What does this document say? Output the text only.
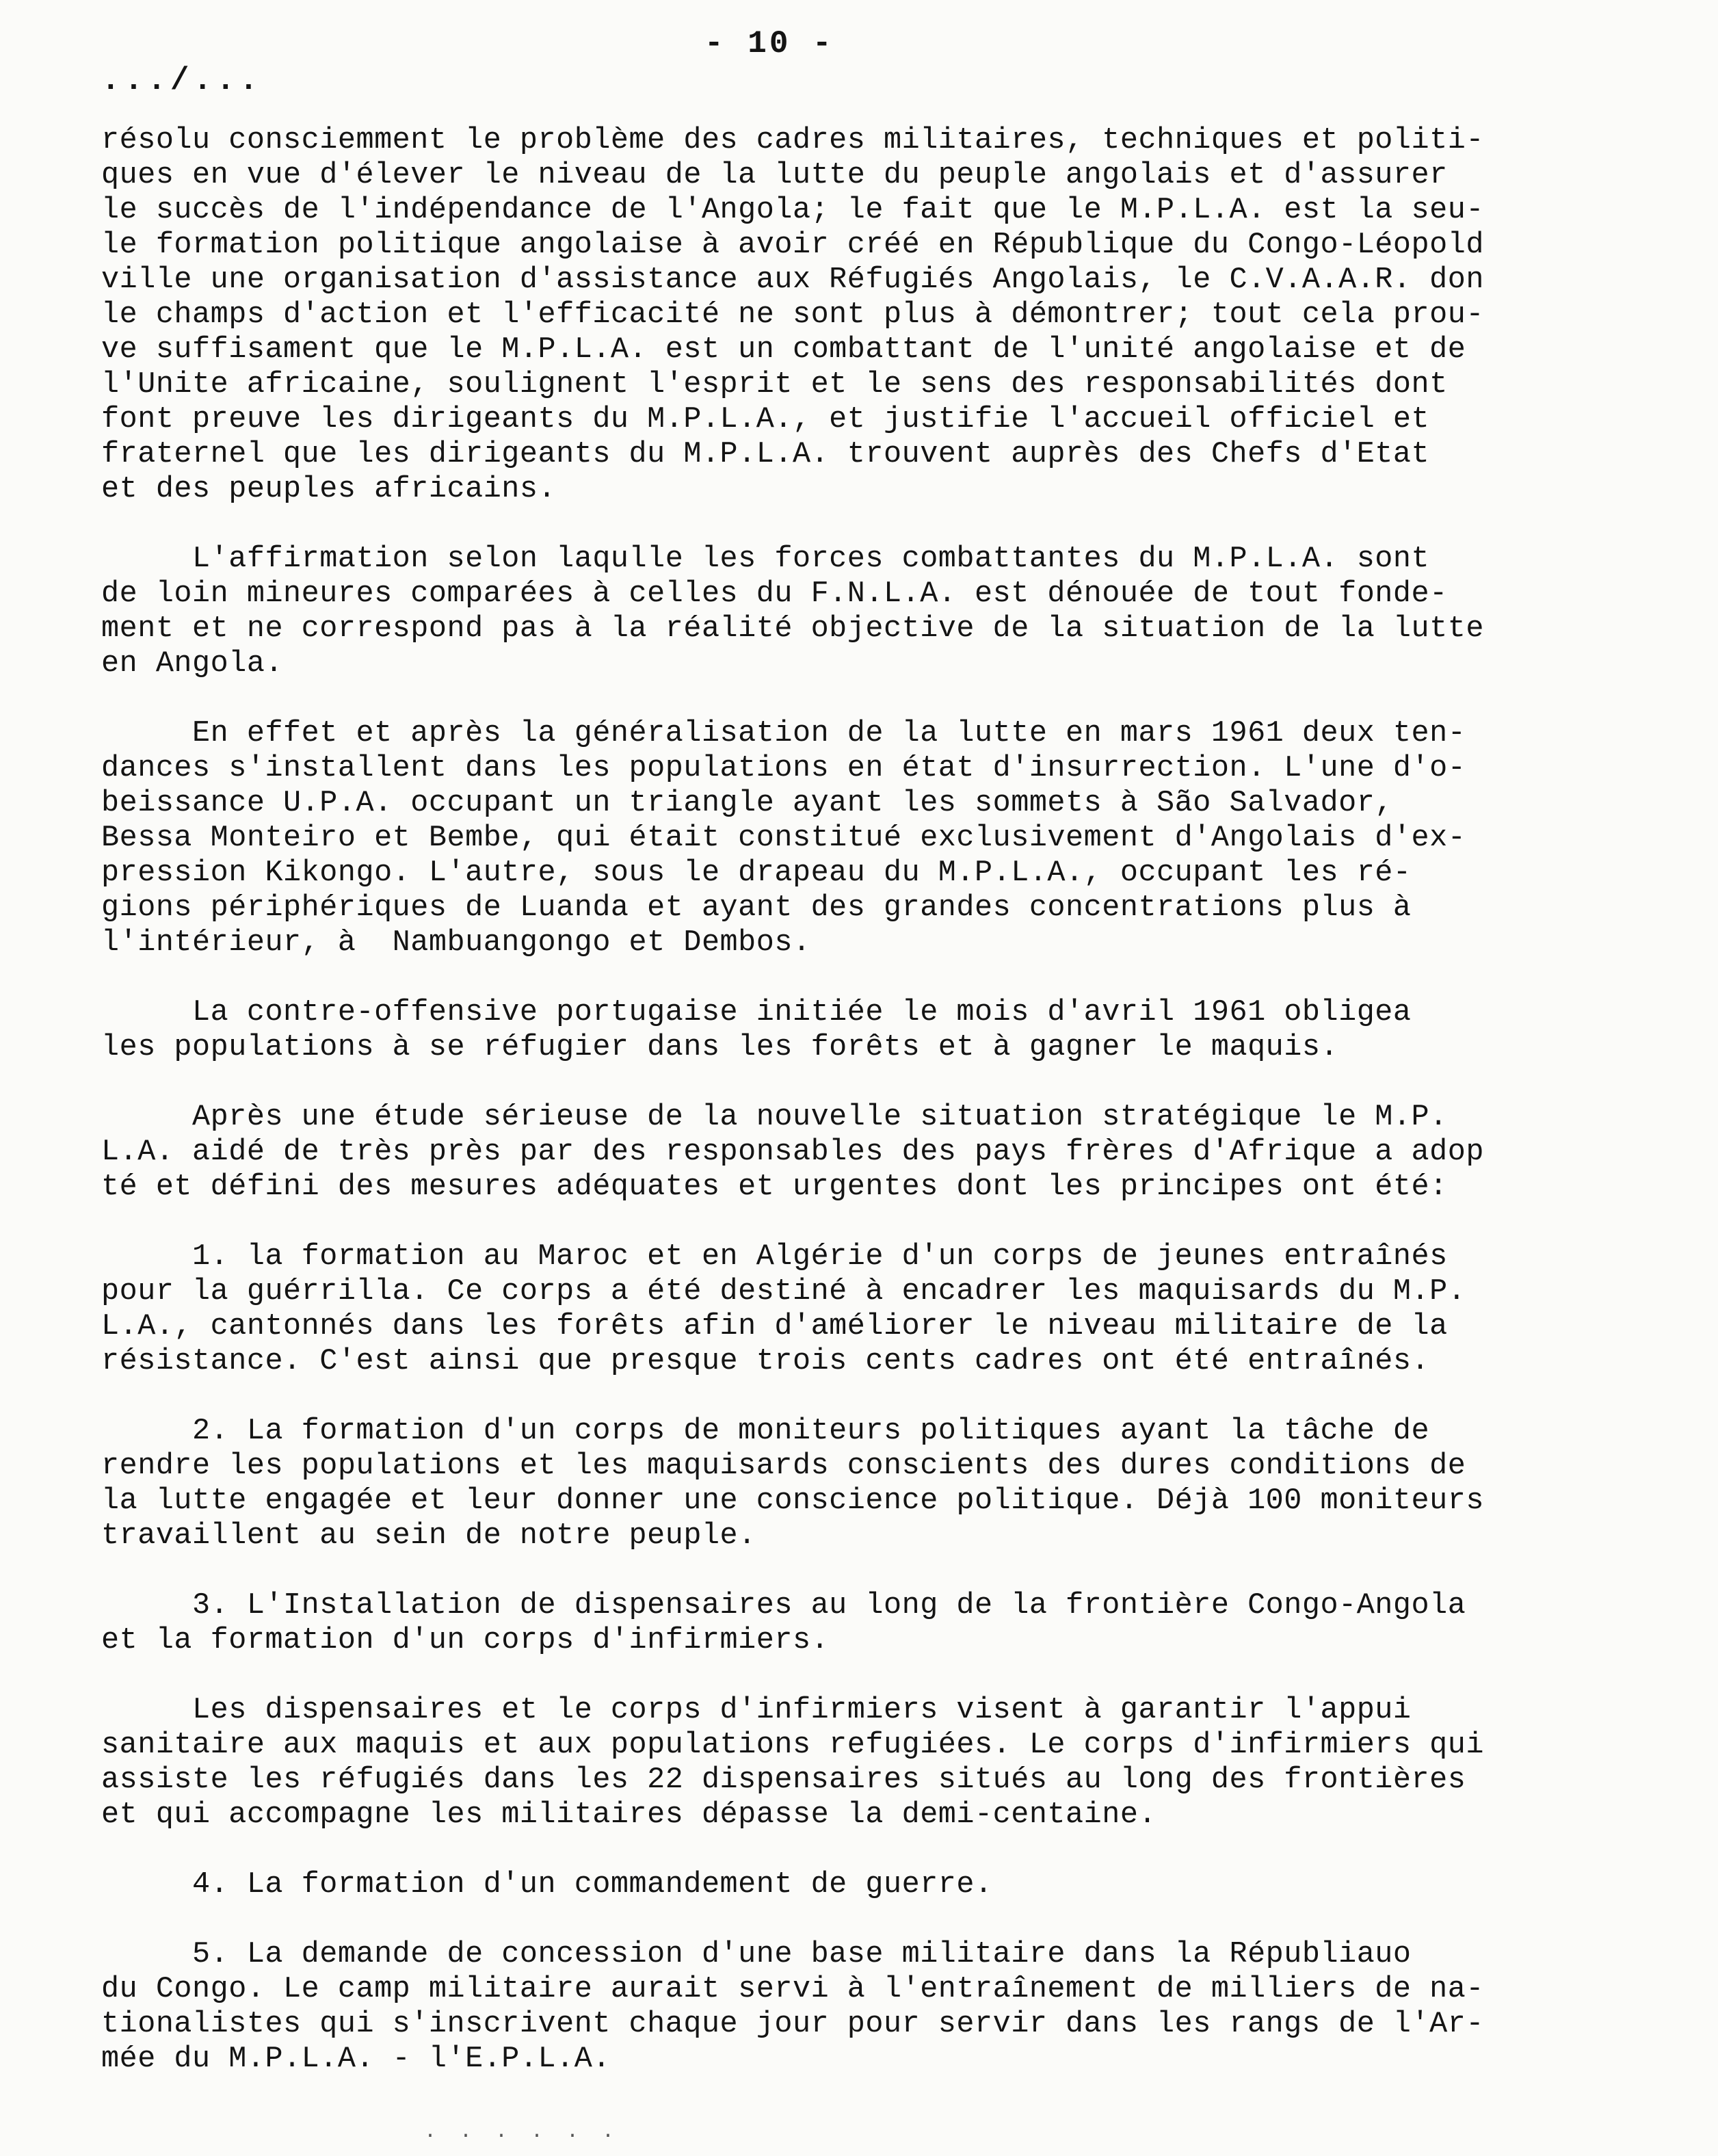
- 10 -
.../...
résolu consciemment le problème des cadres militaires, techniques et politi-
ques en vue d'élever le niveau de la lutte du peuple angolais et d'assurer
le succès de l'indépendance de l'Angola; le fait que le M.P.L.A. est la seu-
le formation politique angolaise à avoir créé en République du Congo-Léopold
ville une organisation d'assistance aux Réfugiés Angolais, le C.V.A.A.R. don
le champs d'action et l'efficacité ne sont plus à démontrer; tout cela prou-
ve suffisament que le M.P.L.A. est un combattant de l'unité angolaise et de
l'Unite africaine, soulignent l'esprit et le sens des responsabilités dont
font preuve les dirigeants du M.P.L.A., et justifie l'accueil officiel et
fraternel que les dirigeants du M.P.L.A. trouvent auprès des Chefs d'Etat
et des peuples africains.
L'affirmation selon laqulle les forces combattantes du M.P.L.A. sont
de loin mineures comparées à celles du F.N.L.A. est dénouée de tout fonde-
ment et ne correspond pas à la réalité objective de la situation de la lutte
en Angola.
En effet et après la généralisation de la lutte en mars 1961 deux ten-
dances s'installent dans les populations en état d'insurrection. L'une d'o-
beissance U.P.A. occupant un triangle ayant les sommets à São Salvador,
Bessa Monteiro et Bembe, qui était constitué exclusivement d'Angolais d'ex-
pression Kikongo. L'autre, sous le drapeau du M.P.L.A., occupant les ré-
gions périphériques de Luanda et ayant des grandes concentrations plus à
l'intérieur, à  Nambuangongo et Dembos.
La contre-offensive portugaise initiée le mois d'avril 1961 obligea
les populations à se réfugier dans les forêts et à gagner le maquis.
Après une étude sérieuse de la nouvelle situation stratégique le M.P.
L.A. aidé de très près par des responsables des pays frères d'Afrique a adop
té et défini des mesures adéquates et urgentes dont les principes ont été:
1. la formation au Maroc et en Algérie d'un corps de jeunes entraînés
pour la guérrilla. Ce corps a été destiné à encadrer les maquisards du M.P.
L.A., cantonnés dans les forêts afin d'améliorer le niveau militaire de la
résistance. C'est ainsi que presque trois cents cadres ont été entraînés.
2. La formation d'un corps de moniteurs politiques ayant la tâche de
rendre les populations et les maquisards conscients des dures conditions de
la lutte engagée et leur donner une conscience politique. Déjà 100 moniteurs
travaillent au sein de notre peuple.
3. L'Installation de dispensaires au long de la frontière Congo-Angola
et la formation d'un corps d'infirmiers.
Les dispensaires et le corps d'infirmiers visent à garantir l'appui
sanitaire aux maquis et aux populations refugiées. Le corps d'infirmiers qui
assiste les réfugiés dans les 22 dispensaires situés au long des frontières
et qui accompagne les militaires dépasse la demi-centaine.
4. La formation d'un commandement de guerre.
5. La demande de concession d'une base militaire dans la Républiauo
du Congo. Le camp militaire aurait servi à l'entraînement de milliers de na-
tionalistes qui s'inscrivent chaque jour pour servir dans les rangs de l'Ar-
mée du M.P.L.A. - l'E.P.L.A.
. . . . . .
